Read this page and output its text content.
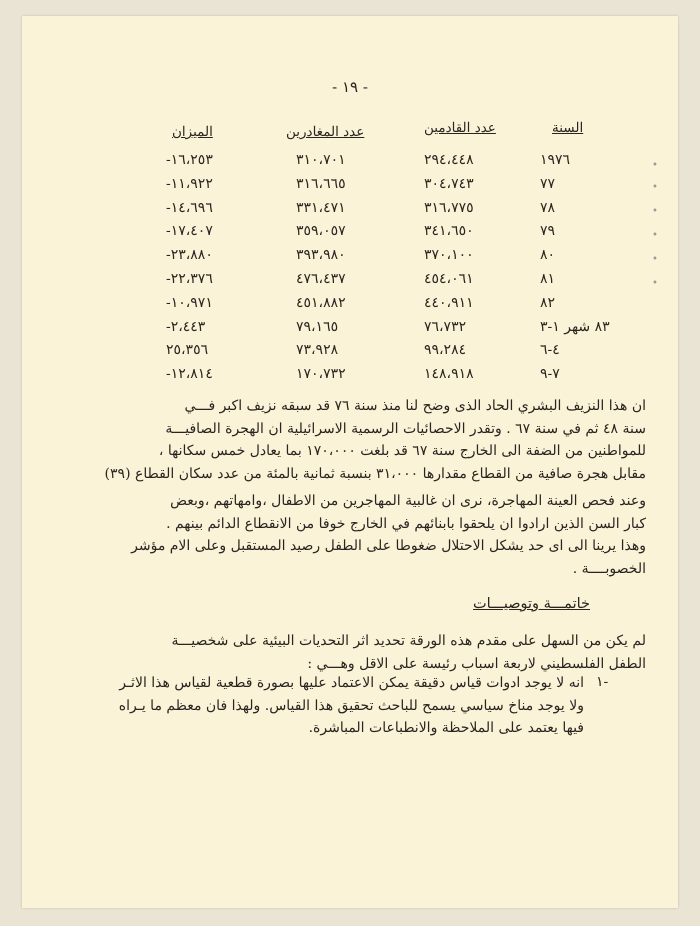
- ١٩ -
السنة
عدد القادمين
عدد المغادرين
الميزان
١٩٧٦
٢٩٤،٤٤٨
٣١٠،٧٠١
-١٦،٢٥٣
٧٧
٣٠٤،٧٤٣
٣١٦،٦٦٥
-١١،٩٢٢
٧٨
٣١٦،٧٧٥
٣٣١،٤٧١
-١٤،٦٩٦
٧٩
٣٤١،٦٥٠
٣٥٩،٠٥٧
-١٧،٤٠٧
٨٠
٣٧٠،١٠٠
٣٩٣،٩٨٠
-٢٣،٨٨٠
٨١
٤٥٤،٠٦١
٤٧٦،٤٣٧
-٢٢،٣٧٦
٨٢
٤٤٠،٩١١
٤٥١،٨٨٢
-١٠،٩٧١
٨٣ شهر ١-٣
٧٦،٧٣٢
٧٩،١٦٥
-٢،٤٤٣
٤-٦
٩٩،٢٨٤
٧٣،٩٢٨
٢٥،٣٥٦
٧-٩
١٤٨،٩١٨
١٧٠،٧٣٢
-١٢،٨١٤
•
•
•
•
•
•
ان هذا النزيف البشري الحاد الذى وضح لنا منذ سنة ٧٦ قد سبقه نزيف اكبر فـــي
سنة ٤٨ ثم في سنة ٦٧ . وتقدر الاحصائيات الرسمية الاسرائيلية ان الهجرة الصافيـــة
للمواطنين من الضفة الى الخارج سنة ٦٧ قد بلغت ١٧٠،٠٠٠ بما يعادل خمس سكانها ،
مقابل هجرة صافية من القطاع مقدارها ٣١،٠٠٠ بنسبة ثمانية بالمئة من عدد سكان القطاع (٣٩)
وعند فحص العينة المهاجرة، نرى ان غالبية المهاجرين من الاطفال ،وامهاتهم ،وبعض
كبار السن الذين ارادوا ان يلحقوا بابنائهم في الخارج خوفا من الانقطاع الدائم بينهم .
وهذا يرينا الى اى حد يشكل الاحتلال ضغوطا على الطفل رصيد المستقبل وعلى الام مؤشر
الخصوبــــة .
خاتمـــة وتوصيـــات
لم يكن من السهل على مقدم هذه الورقة تحديد اثر التحديات البيئية على شخصيـــة
الطفل الفلسطيني لاربعة اسباب رئيسة على الاقل وهـــي :
١-
انه لا يوجد ادوات قياس دقيقة يمكن الاعتماد عليها بصورة قطعية لقياس هذا الاثـر
ولا يوجد مناخ سياسي يسمح للباحث تحقيق هذا القياس. ولهذا فان معظم ما يـراه
فيها يعتمد على الملاحظة والانطباعات المباشرة.
